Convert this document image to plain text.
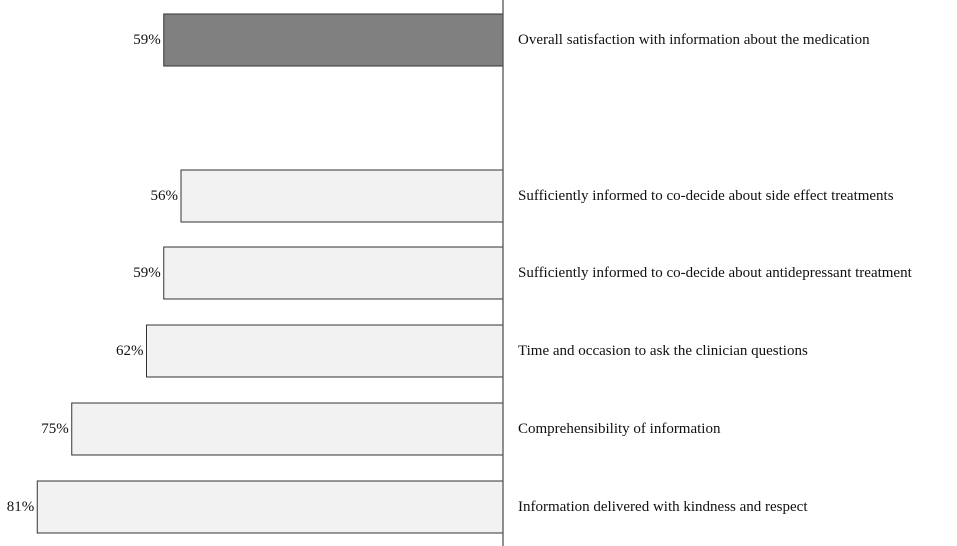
59%	Overall satisfaction with information about the medication
56%	Sufficiently informed to co-decide about side effect treatments
59%	Sufficiently informed to co-decide about antidepressant treatment
62%	Time and occasion to ask the clinician questions
75%	Comprehensibility of information
81%	Information delivered with kindness and respect
